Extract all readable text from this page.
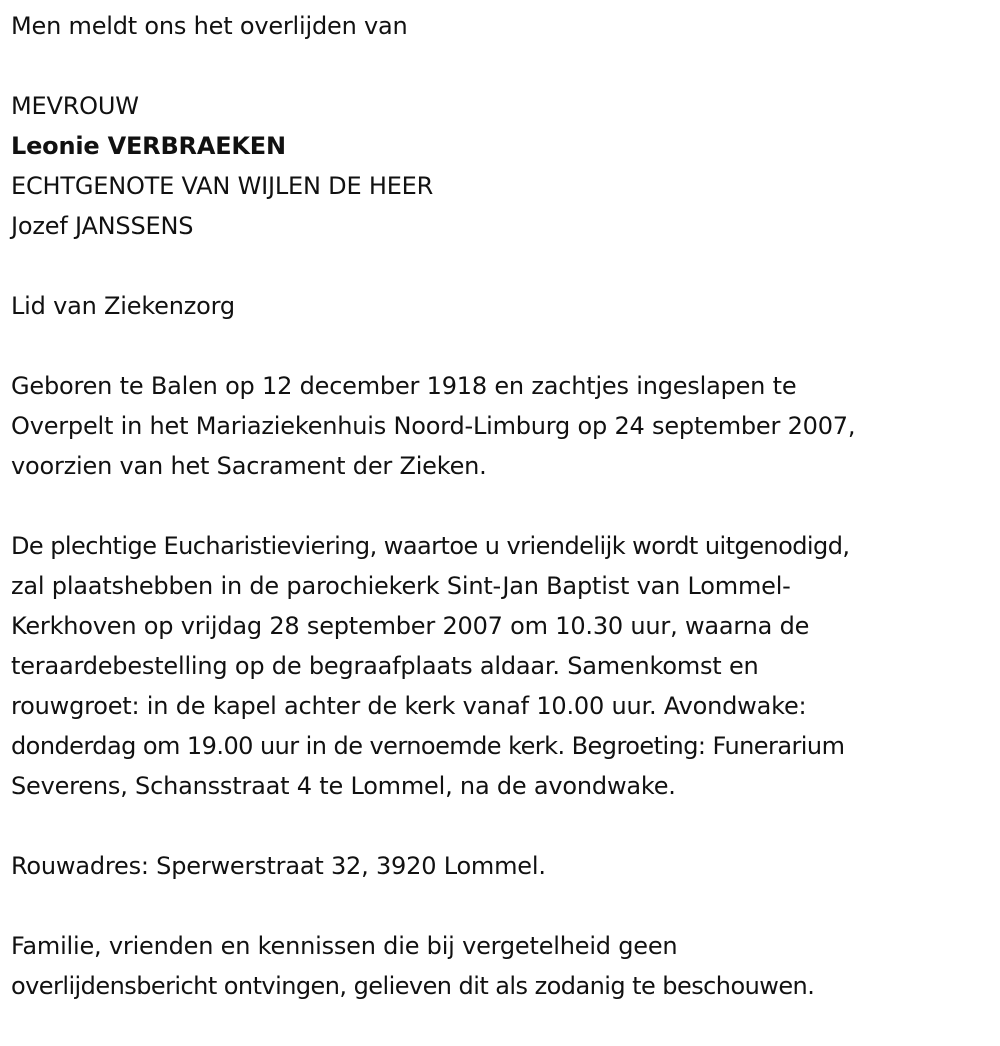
Men meldt ons het overlijden van

MEVROUW
Leonie VERBRAEKEN
ECHTGENOTE VAN WIJLEN DE HEER
Jozef JANSSENS

Lid van Ziekenzorg

Geboren te Balen op 12 december 1918 en zachtjes ingeslapen te
Overpelt in het Mariaziekenhuis Noord-Limburg op 24 september 2007,
voorzien van het Sacrament der Zieken.

De plechtige Eucharistieviering, waartoe u vriendelijk wordt uitgenodigd,
zal plaatshebben in de parochiekerk Sint-Jan Baptist van Lommel-
Kerkhoven op vrijdag 28 september 2007 om 10.30 uur, waarna de
teraardebestelling op de begraafplaats aldaar. Samenkomst en
rouwgroet: in de kapel achter de kerk vanaf 10.00 uur. Avondwake:
donderdag om 19.00 uur in de vernoemde kerk. Begroeting: Funerarium
Severens, Schansstraat 4 te Lommel, na de avondwake.

Rouwadres: Sperwerstraat 32, 3920 Lommel.

Familie, vrienden en kennissen die bij vergetelheid geen
overlijdensbericht ontvingen, gelieven dit als zodanig te beschouwen.
